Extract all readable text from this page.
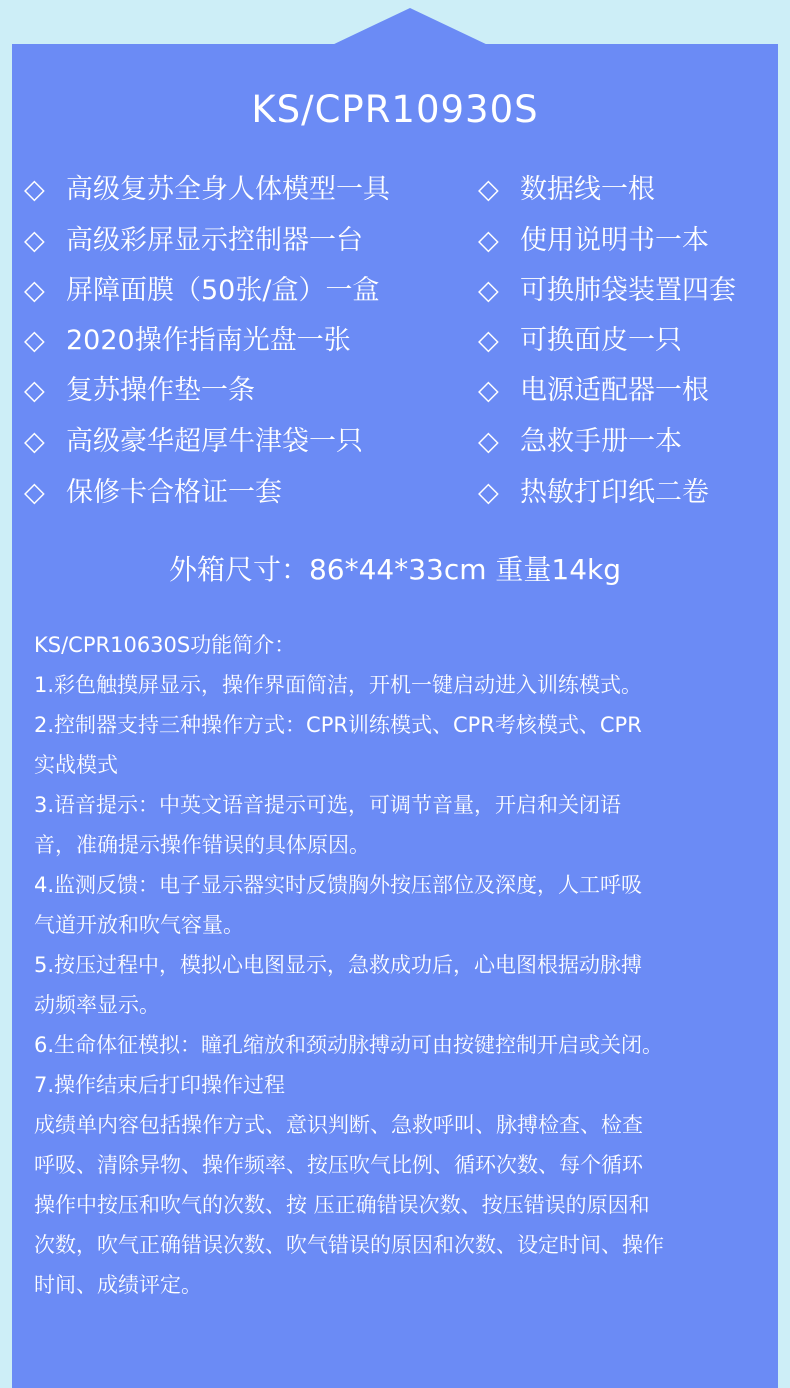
KS/CPR10930S
◇ 高级复苏全身人体模型一具
◇ 高级彩屏显示控制器一台
◇ 屏障面膜（50张/盒）一盒
◇ 2020操作指南光盘一张
◇ 复苏操作垫一条
◇ 高级豪华超厚牛津袋一只
◇ 保修卡合格证一套
◇ 数据线一根
◇ 使用说明书一本
◇ 可换肺袋装置四套
◇ 可换面皮一只
◇ 电源适配器一根
◇ 急救手册一本
◇ 热敏打印纸二卷
外箱尺寸：86*44*33cm 重量14kg
KS/CPR10630S功能简介：
1.彩色触摸屏显示，操作界面简洁，开机一键启动进入训练模式。
2.控制器支持三种操作方式：CPR训练模式、CPR考核模式、CPR
实战模式
3.语音提示：中英文语音提示可选，可调节音量，开启和关闭语
音，准确提示操作错误的具体原因。
4.监测反馈：电子显示器实时反馈胸外按压部位及深度，人工呼吸
气道开放和吹气容量。
5.按压过程中，模拟心电图显示，急救成功后，心电图根据动脉搏
动频率显示。
6.生命体征模拟：瞳孔缩放和颈动脉搏动可由按键控制开启或关闭。
7.操作结束后打印操作过程
成绩单内容包括操作方式、意识判断、急救呼叫、脉搏检查、检查
呼吸、清除异物、操作频率、按压吹气比例、循环次数、每个循环
操作中按压和吹气的次数、按 压正确错误次数、按压错误的原因和
次数，吹气正确错误次数、吹气错误的原因和次数、设定时间、操作
时间、成绩评定。
